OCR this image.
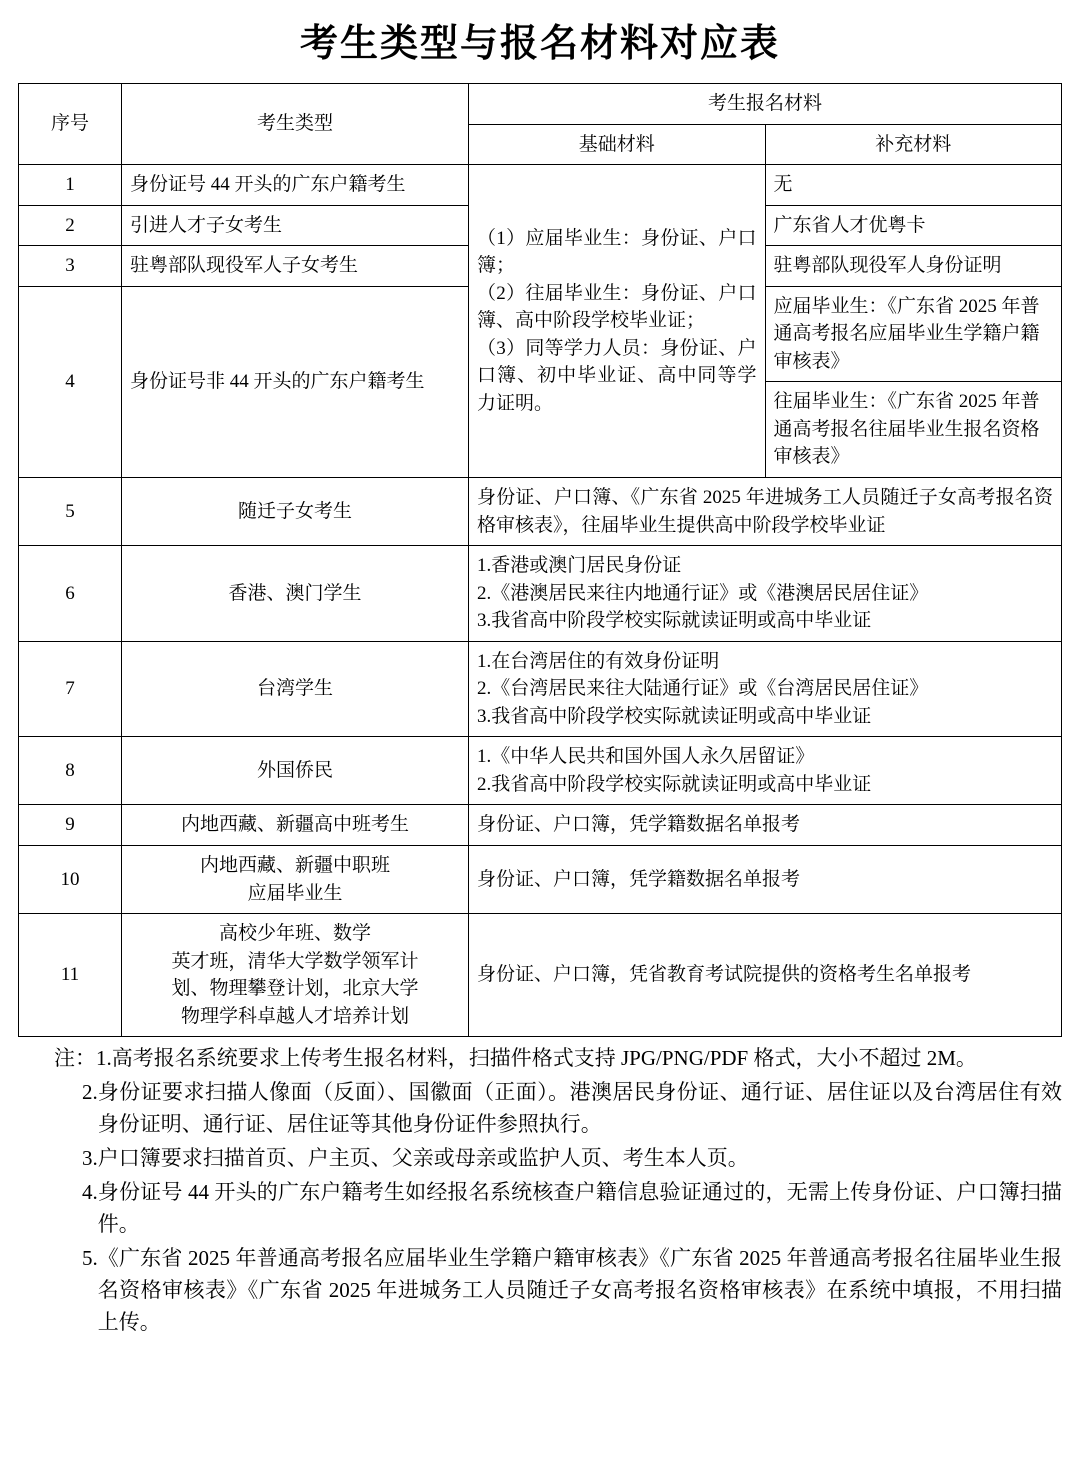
考生类型与报名材料对应表
序号	考生类型	考生报名材料	
		基础材料	补充材料
1	身份证号 44 开头的广东户籍考生	（1）应届毕业生：身份证、户口簿；

（2）往届毕业生：身份证、户口簿、高中阶段学校毕业证；

（3）同等学力人员：身份证、户口簿、初中毕业证、高中同等学力证明。	无
2	引进人才子女考生		广东省人才优粤卡
3	驻粤部队现役军人子女考生		驻粤部队现役军人身份证明
4	身份证号非 44 开头的广东户籍考生		应届毕业生：《广东省 2025 年普通高考报名应届毕业生学籍户籍审核表》
			往届毕业生：《广东省 2025 年普通高考报名往届毕业生报名资格审核表》
5	随迁子女考生	身份证、户口簿、《广东省 2025 年进城务工人员随迁子女高考报名资格审核表》，往届毕业生提供高中阶段学校毕业证	
6	香港、澳门学生	1.香港或澳门居民身份证
2.《港澳居民来往内地通行证》或《港澳居民居住证》
3.我省高中阶段学校实际就读证明或高中毕业证	

7	台湾学生	1.在台湾居住的有效身份证明
2.《台湾居民来往大陆通行证》或《台湾居民居住证》
3.我省高中阶段学校实际就读证明或高中毕业证	

8	外国侨民	1.《中华人民共和国外国人永久居留证》
2.我省高中阶段学校实际就读证明或高中毕业证	

9	内地西藏、新疆高中班考生	身份证、户口簿，凭学籍数据名单报考	
10	内地西藏、新疆中职班
应届毕业生	身份证、户口簿，凭学籍数据名单报考	
11	高校少年班、数学
英才班，清华大学数学领军计
划、物理攀登计划，北京大学
物理学科卓越人才培养计划	身份证、户口簿，凭省教育考试院提供的资格考生名单报考	
注： 1. 高考报名系统要求上传考生报名材料，扫描件格式支持 JPG/PNG/PDF 格式，大小不超过 2M。
2. 身份证要求扫描人像面（反面）、国徽面（正面）。港澳居民身份证、通行证、居住证以及台湾居住有效身份证明、通行证、居住证等其他身份证件参照执行。
3. 户口簿要求扫描首页、户主页、父亲或母亲或监护人页、考生本人页。
4. 身份证号 44 开头的广东户籍考生如经报名系统核查户籍信息验证通过的，无需上传身份证、户口簿扫描件。
5. 《广东省 2025 年普通高考报名应届毕业生学籍户籍审核表》《广东省 2025 年普通高考报名往届毕业生报名资格审核表》《广东省 2025 年进城务工人员随迁子女高考报名资格审核表》在系统中填报，不用扫描上传。
